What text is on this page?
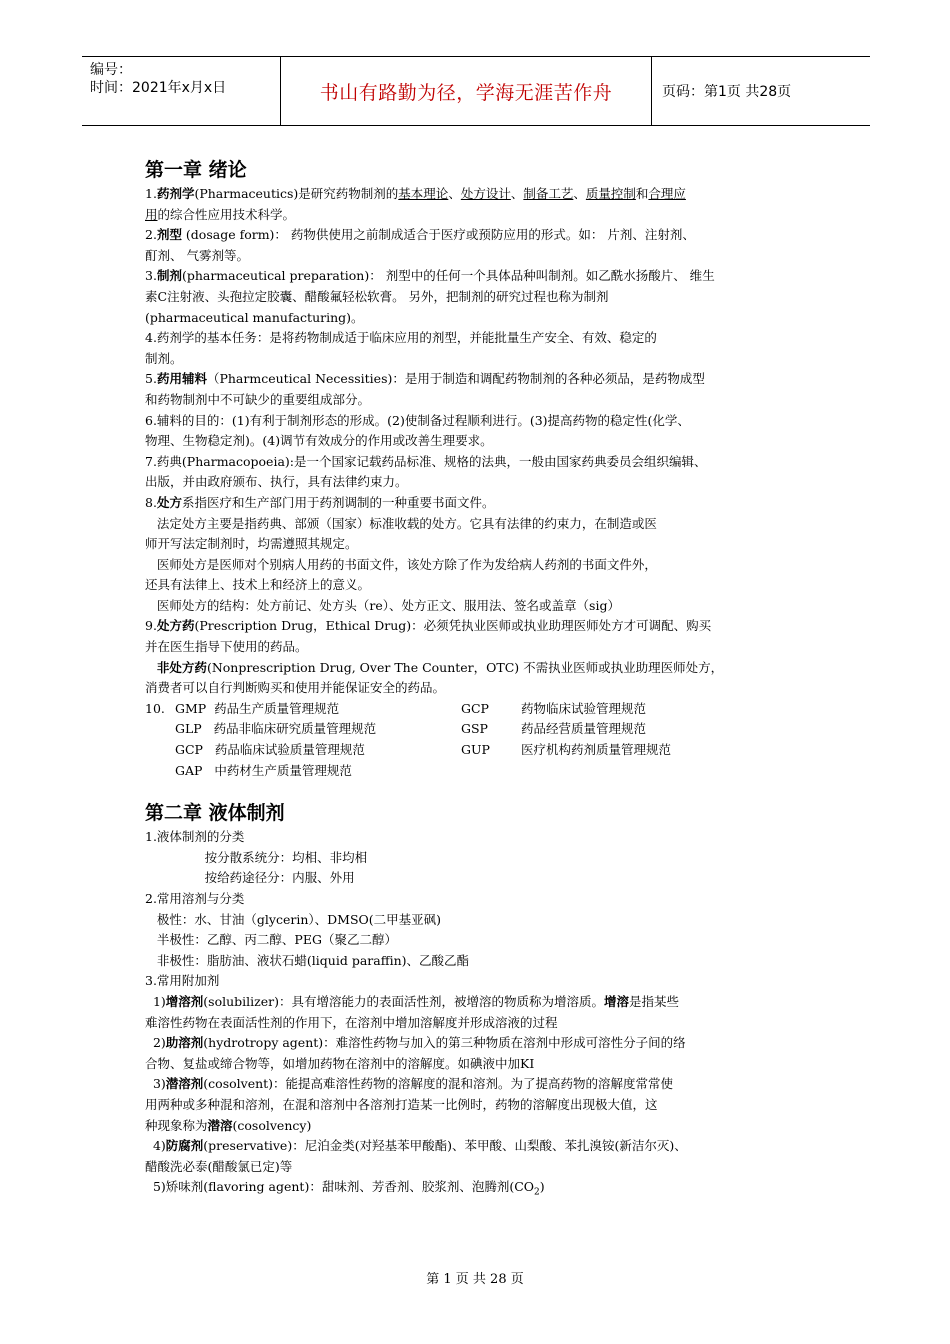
编号：
时间：2021年x月x日	书山有路勤为径，学海无涯苦作舟	页码：第1页 共28页
第一章 绪论
1.药剂学(Pharmaceutics)是研究药物制剂的基本理论、处方设计、制备工艺、质量控制和合理应
用的综合性应用技术科学。
2.剂型 (dosage form)： 药物供使用之前制成适合于医疗或预防应用的形式。如： 片剂、注射剂、
酊剂、 气雾剂等。
3.制剂(pharmaceutical preparation)： 剂型中的任何一个具体品种叫制剂。如乙酰水扬酸片、 维生
素C注射液、头孢拉定胶囊、醋酸氟轻松软膏。 另外，把制剂的研究过程也称为制剂
(pharmaceutical manufacturing)。
4.药剂学的基本任务：是将药物制成适于临床应用的剂型，并能批量生产安全、有效、稳定的
制剂。
5.药用辅料（Pharmceutical Necessities)：是用于制造和调配药物制剂的各种必须品，是药物成型
和药物制剂中不可缺少的重要组成部分。
6.辅料的目的：(1)有利于制剂形态的形成。(2)使制备过程顺利进行。(3)提高药物的稳定性(化学、
物理、生物稳定剂)。(4)调节有效成分的作用或改善生理要求。
7.药典(Pharmacopoeia):是一个国家记载药品标准、规格的法典，一般由国家药典委员会组织编辑、
出版，并由政府颁布、执行，具有法律约束力。
8.处方系指医疗和生产部门用于药剂调制的一种重要书面文件。
法定处方主要是指药典、部颁（国家）标准收载的处方。它具有法律的约束力，在制造或医
师开写法定制剂时，均需遵照其规定。
医师处方是医师对个别病人用药的书面文件，该处方除了作为发给病人药剂的书面文件外，
还具有法律上、技术上和经济上的意义。
医师处方的结构：处方前记、处方头（re）、处方正文、服用法、签名或盖章（sig）
9.处方药(Prescription Drug，Ethical Drug)：必须凭执业医师或执业助理医师处方才可调配、购买
并在医生指导下使用的药品。
非处方药(Nonprescription Drug, Over The Counter，OTC) 不需执业医师或执业助理医师处方，
消费者可以自行判断购买和使用并能保证安全的药品。
10. GMP  药品生产质量管理规范	GCP	药物临床试验管理规范
GLP   药品非临床研究质量管理规范	GSP	药品经营质量管理规范
GCP   药品临床试验质量管理规范	GUP	医疗机构药剂质量管理规范
GAP   中药材生产质量管理规范
第二章 液体制剂
1.液体制剂的分类
按分散系统分：均相、非均相
按给药途径分：内服、外用
2.常用溶剂与分类
极性：水、甘油（glycerin）、DMSO(二甲基亚砜)
半极性：乙醇、丙二醇、PEG（聚乙二醇）
非极性：脂肪油、液状石蜡(liquid paraffin)、乙酸乙酯
3.常用附加剂
1)增溶剂(solubilizer)：具有增溶能力的表面活性剂，被增溶的物质称为增溶质。增溶是指某些
难溶性药物在表面活性剂的作用下，在溶剂中增加溶解度并形成溶液的过程
2)助溶剂(hydrotropy agent)：难溶性药物与加入的第三种物质在溶剂中形成可溶性分子间的络
合物、复盐或缔合物等，如增加药物在溶剂中的溶解度。如碘液中加KI
3)潜溶剂(cosolvent)：能提高难溶性药物的溶解度的混和溶剂。为了提高药物的溶解度常常使
用两种或多种混和溶剂，在混和溶剂中各溶剂打造某一比例时，药物的溶解度出现极大值，这
种现象称为潜溶(cosolvency)
4)防腐剂(preservative)：尼泊金类(对羟基苯甲酸酯)、苯甲酸、山梨酸、苯扎溴铵(新洁尔灭)、
醋酸洗必泰(醋酸氯已定)等
5)矫味剂(flavoring agent)：甜味剂、芳香剂、胶浆剂、泡腾剂$(CO_2)$
第 1 页 共 28 页
